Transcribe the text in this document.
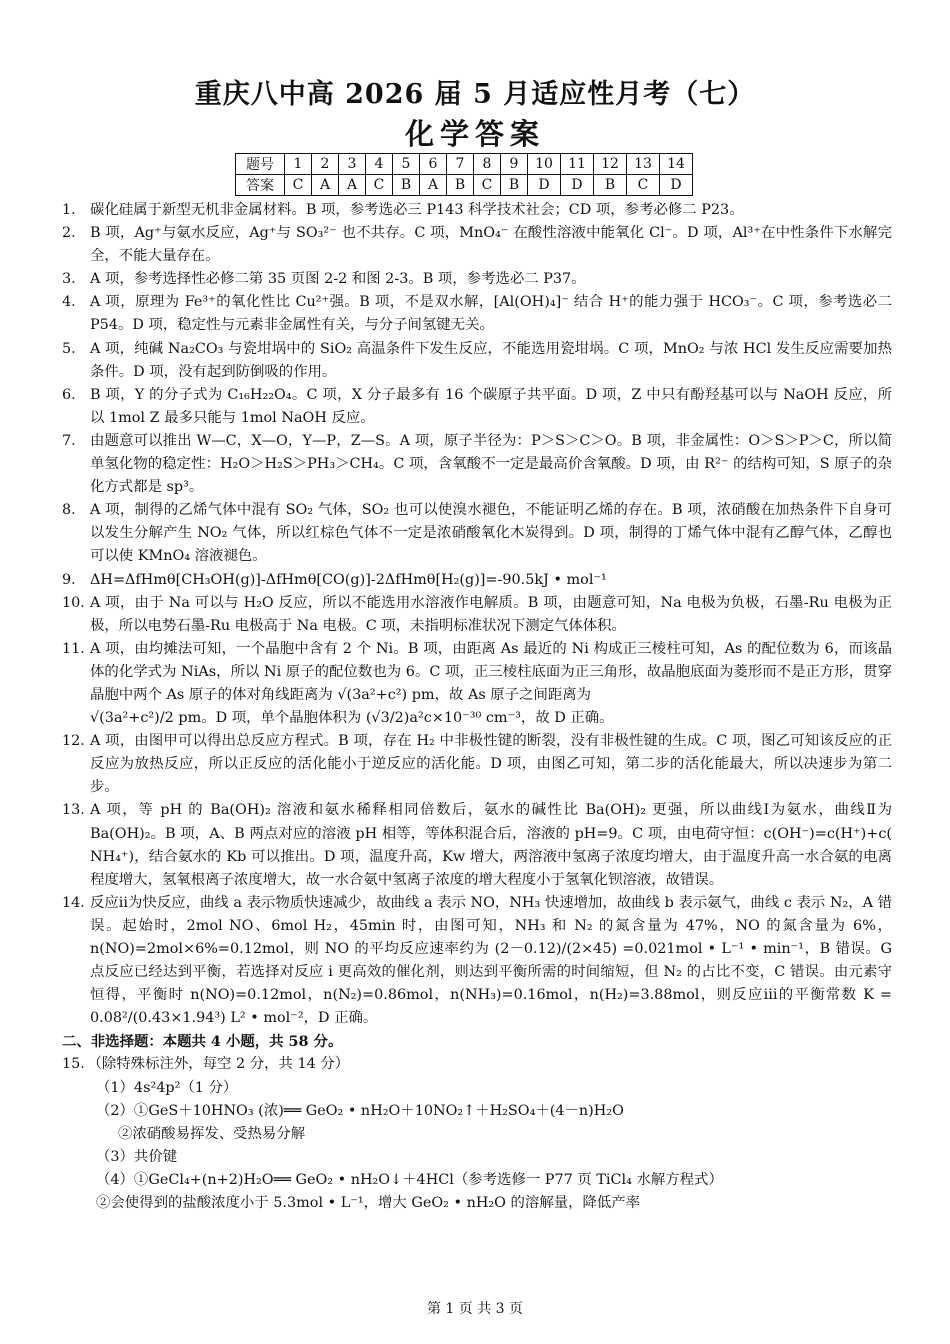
重庆八中高 2026 届 5 月适应性月考（七）
化学答案
题号	1	2	3	4	5	6	7	8	9	10	11	12	13	14
答案	C	A	A	C	B	A	B	C	B	D	D	B	C	D
1． 碳化硅属于新型无机非金属材料。B 项，参考选必三 P143 科学技术社会；CD 项，参考必修二 P23。
2． B 项，Ag⁺与氨水反应，Ag⁺与 SO₃²⁻ 也不共存。C 项，MnO₄⁻ 在酸性溶液中能氧化 Cl⁻。D 项，Al³⁺在中性条件下水解完全，不能大量存在。
3． A 项，参考选择性必修二第 35 页图 2-2 和图 2-3。B 项，参考选必二 P37。
4． A 项，原理为 Fe³⁺的氧化性比 Cu²⁺强。B 项，不是双水解，[Al(OH)₄]⁻ 结合 H⁺的能力强于 HCO₃⁻。C 项，参考选必二 P54。D 项，稳定性与元素非金属性有关，与分子间氢键无关。
5． A 项，纯碱 Na₂CO₃ 与瓷坩埚中的 SiO₂ 高温条件下发生反应，不能选用瓷坩埚。C 项，MnO₂ 与浓 HCl 发生反应需要加热条件。D 项，没有起到防倒吸的作用。
6． B 项，Y 的分子式为 C₁₆H₂₂O₄。C 项，X 分子最多有 16 个碳原子共平面。D 项，Z 中只有酚羟基可以与 NaOH 反应，所以 1mol Z 最多只能与 1mol NaOH 反应。
7． 由题意可以推出 W—C，X—O，Y—P，Z—S。A 项，原子半径为：P＞S＞C＞O。B 项，非金属性：O＞S＞P＞C，所以简单氢化物的稳定性：H₂O＞H₂S＞PH₃＞CH₄。C 项，含氧酸不一定是最高价含氧酸。D 项，由 R²⁻ 的结构可知，S 原子的杂化方式都是 sp³。
8． A 项，制得的乙烯气体中混有 SO₂ 气体，SO₂ 也可以使溴水褪色，不能证明乙烯的存在。B 项，浓硝酸在加热条件下自身可以发生分解产生 NO₂ 气体，所以红棕色气体不一定是浓硝酸氧化木炭得到。D 项，制得的丁烯气体中混有乙醇气体，乙醇也可以使 KMnO₄ 溶液褪色。
9． ΔH=ΔfHmθ[CH₃OH(g)]-ΔfHmθ[CO(g)]-2ΔfHmθ[H₂(g)]=-90.5kJ • mol⁻¹
10．
A 项，由于 Na 可以与 H₂O 反应，所以不能选用水溶液作电解质。B 项，由题意可知，Na 电极为负极，石墨-Ru 电极为正极，所以电势石墨-Ru 电极高于 Na 电极。C 项，未指明标准状况下测定气体体积。
11．
A 项，由均摊法可知，一个晶胞中含有 2 个 Ni。B 项，由距离 As 最近的 Ni 构成正三棱柱可知，As 的配位数为 6，而该晶体的化学式为 NiAs，所以 Ni 原子的配位数也为 6。C 项，正三棱柱底面为正三角形，故晶胞底面为菱形而不是正方形，贯穿晶胞中两个 As 原子的体对角线距离为 √(3a²+c²) pm，故 As 原子之间距离为
√(3a²+c²)/2 pm。D 项，单个晶胞体积为 (√3/2)a²c×10⁻³⁰ cm⁻³，故 D 正确。
12．
A 项，由图甲可以得出总反应方程式。B 项，存在 H₂ 中非极性键的断裂，没有非极性键的生成。C 项，图乙可知该反应的正反应为放热反应，所以正反应的活化能小于逆反应的活化能。D 项，由图乙可知，第二步的活化能最大，所以决速步为第二步。
13．
A 项，等 pH 的 Ba(OH)₂ 溶液和氨水稀释相同倍数后，氨水的碱性比 Ba(OH)₂ 更强，所以曲线Ⅰ为氨水，曲线Ⅱ为 Ba(OH)₂。B 项，A、B 两点对应的溶液 pH 相等，等体积混合后，溶液的 pH=9。C 项，由电荷守恒：c(OH⁻)=c(H⁺)+c( NH₄⁺)，结合氨水的 Kb 可以推出。D 项，温度升高，Kw 增大，两溶液中氢离子浓度均增大，由于温度升高一水合氨的电离程度增大，氢氧根离子浓度增大，故一水合氨中氢离子浓度的增大程度小于氢氧化钡溶液，故错误。
14．
反应ii为快反应，曲线 a 表示物质快速减少，故曲线 a 表示 NO，NH₃ 快速增加，故曲线 b 表示氨气，曲线 c 表示 N₂，A 错误。起始时，2mol NO、6mol H₂，45min 时，由图可知，NH₃ 和 N₂ 的氮含量为 47%，NO 的氮含量为 6%，n(NO)=2mol×6%=0.12mol，则 NO 的平均反应速率约为 (2－0.12)/(2×45) =0.021mol • L⁻¹ • min⁻¹，B 错误。G 点反应已经达到平衡，若选择对反应 i 更高效的催化剂，则达到平衡所需的时间缩短，但 N₂ 的占比不变，C 错误。由元素守恒得，平衡时 n(NO)=0.12mol，n(N₂)=0.86mol，n(NH₃)=0.16mol，n(H₂)=3.88mol，则反应iii的平衡常数 K = 0.08²/(0.43×1.94³) L² • mol⁻²，D 正确。
二、非选择题：本题共 4 小题，共 58 分。
15．（除特殊标注外，每空 2 分，共 14 分）
（1）4s²4p²（1 分）
（2）①GeS＋10HNO₃ (浓)══ GeO₂ • nH₂O＋10NO₂↑＋H₂SO₄＋(4－n)H₂O
②浓硝酸易挥发、受热易分解
（3）共价键
（4）①GeCl₄+(n+2)H₂O══ GeO₂ • nH₂O↓＋4HCl（参考选修一 P77 页 TiCl₄ 水解方程式）
②会使得到的盐酸浓度小于 5.3mol • L⁻¹，增大 GeO₂ • nH₂O 的溶解量，降低产率
第 1 页 共 3 页
